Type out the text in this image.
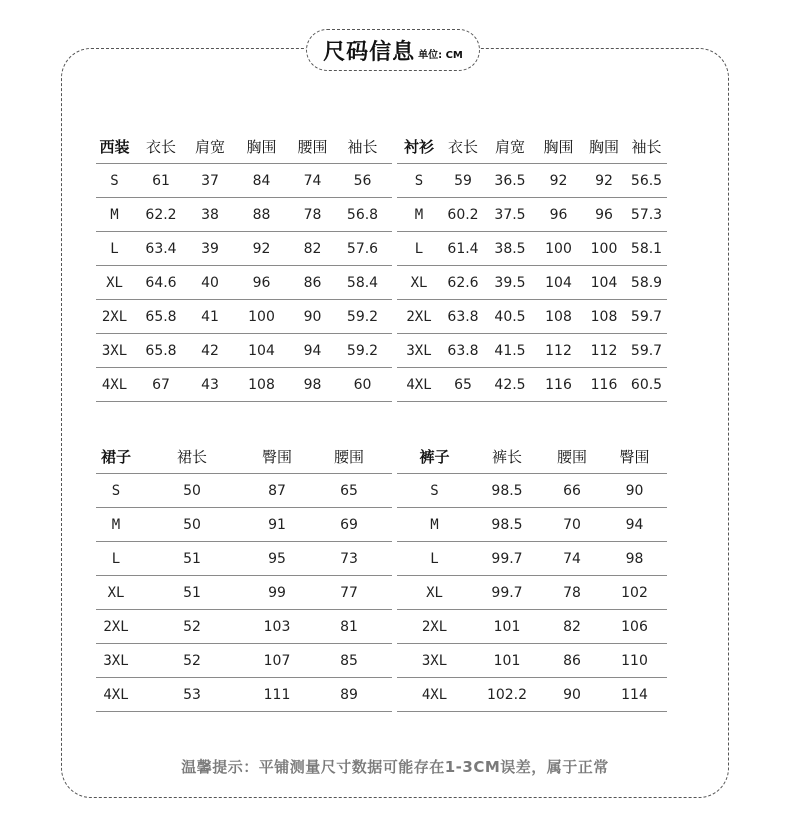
尺码信息 单位: CM
西装	衣长	肩宽	胸围	腰围	袖长
S	61	37	84	74	56
M	62.2	38	88	78	56.8
L	63.4	39	92	82	57.6
XL	64.6	40	96	86	58.4
2XL	65.8	41	100	90	59.2
3XL	65.8	42	104	94	59.2
4XL	67	43	108	98	60
衬衫	衣长	肩宽	胸围	胸围	袖长
S	59	36.5	92	92	56.5
M	60.2	37.5	96	96	57.3
L	61.4	38.5	100	100	58.1
XL	62.6	39.5	104	104	58.9
2XL	63.8	40.5	108	108	59.7
3XL	63.8	41.5	112	112	59.7
4XL	65	42.5	116	116	60.5
裙子	裙长	臀围	腰围
S	50	87	65
M	50	91	69
L	51	95	73
XL	51	99	77
2XL	52	103	81
3XL	52	107	85
4XL	53	111	89
裤子	裤长	腰围	臀围
S	98.5	66	90
M	98.5	70	94
L	99.7	74	98
XL	99.7	78	102
2XL	101	82	106
3XL	101	86	110
4XL	102.2	90	114
温馨提示：平铺测量尺寸数据可能存在1-3CM误差，属于正常
